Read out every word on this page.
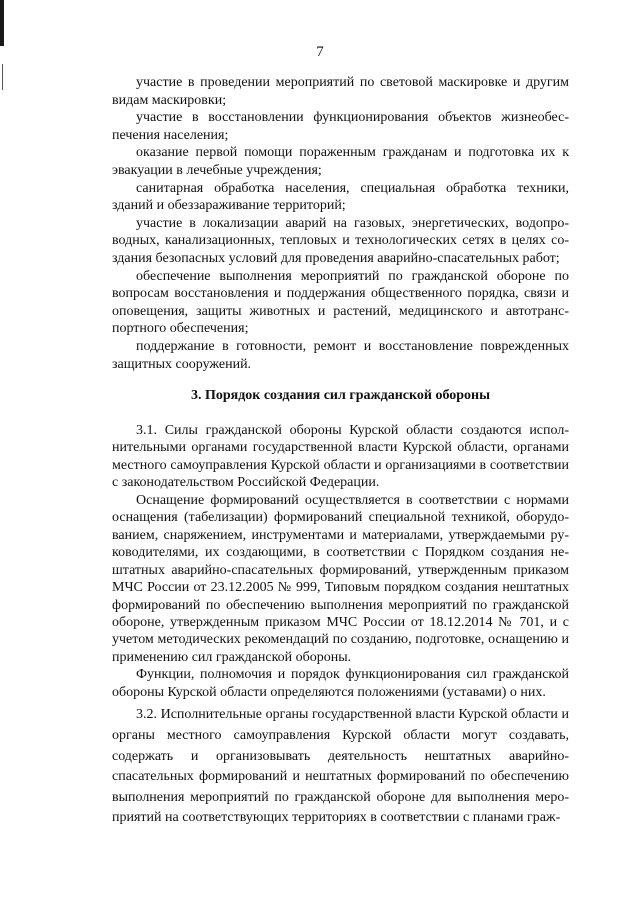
7

участие в проведении мероприятий по световой маскировке и другим видам маскировки;

участие в восстановлении функционирования объектов жизнеобеспечения населения;

оказание первой помощи пораженным гражданам и подготовка их к эвакуации в лечебные учреждения;

санитарная обработка населения, специальная обработка техники, зданий и обеззараживание территорий;

участие в локализации аварий на газовых, энергетических, водопроводных, канализационных, тепловых и технологических сетях в целях создания безопасных условий для проведения аварийно-спасательных работ;

обеспечение выполнения мероприятий по гражданской обороне по вопросам восстановления и поддержания общественного порядка, связи и оповещения, защиты животных и растений, медицинского и автотранспортного обеспечения;

поддержание в готовности, ремонт и восстановление поврежденных защитных сооружений.

3. Порядок создания сил гражданской обороны

3.1. Силы гражданской обороны Курской области создаются исполнительными органами государственной власти Курской области, органами местного самоуправления Курской области и организациями в соответствии с законодательством Российской Федерации.

Оснащение формирований осуществляется в соответствии с нормами оснащения (табелизации) формирований специальной техникой, оборудованием, снаряжением, инструментами и материалами, утверждаемыми руководителями, их создающими, в соответствии с Порядком создания нештатных аварийно-спасательных формирований, утвержденным приказом МЧС России от 23.12.2005 № 999, Типовым порядком создания нештатных формирований по обеспечению выполнения мероприятий по гражданской обороне, утвержденным приказом МЧС России от 18.12.2014 № 701, и с учетом методических рекомендаций по созданию, подготовке, оснащению и применению сил гражданской обороны.

Функции, полномочия и порядок функционирования сил гражданской обороны Курской области определяются положениями (уставами) о них.

3.2. Исполнительные органы государственной власти Курской области и органы местного самоуправления Курской области могут создавать, содержать и организовывать деятельность нештатных аварийно-спасательных формирований и нештатных формирований по обеспечению выполнения мероприятий по гражданской обороне для выполнения мероприятий на соответствующих территориях в соответствии с планами граж-
